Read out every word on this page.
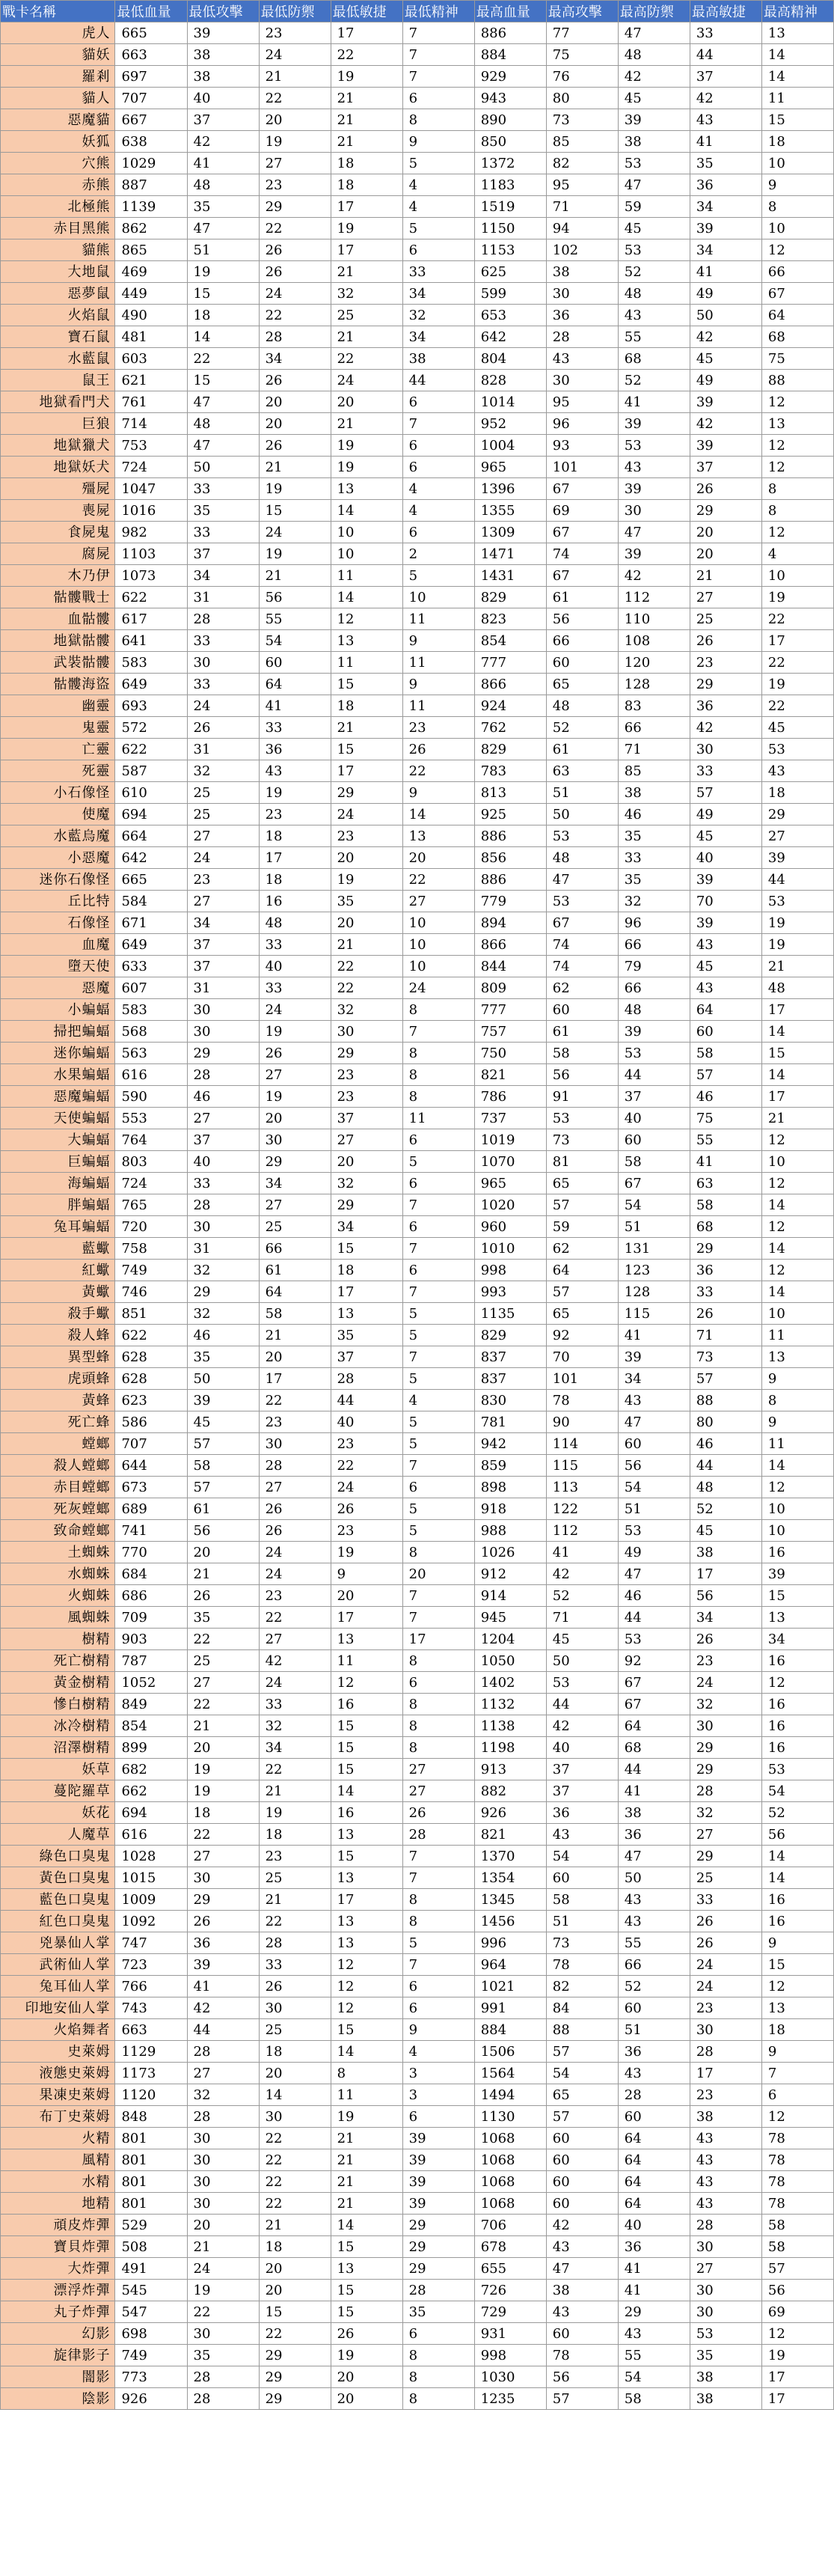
戰卡名稱	最低血量	最低攻擊	最低防禦	最低敏捷	最低精神	最高血量	最高攻擊	最高防禦	最高敏捷	最高精神
虎人	665	39	23	17	7	886	77	47	33	13
貓妖	663	38	24	22	7	884	75	48	44	14
羅剎	697	38	21	19	7	929	76	42	37	14
貓人	707	40	22	21	6	943	80	45	42	11
惡魔貓	667	37	20	21	8	890	73	39	43	15
妖狐	638	42	19	21	9	850	85	38	41	18
穴熊	1029	41	27	18	5	1372	82	53	35	10
赤熊	887	48	23	18	4	1183	95	47	36	9
北極熊	1139	35	29	17	4	1519	71	59	34	8
赤目黑熊	862	47	22	19	5	1150	94	45	39	10
貓熊	865	51	26	17	6	1153	102	53	34	12
大地鼠	469	19	26	21	33	625	38	52	41	66
惡夢鼠	449	15	24	32	34	599	30	48	49	67
火焰鼠	490	18	22	25	32	653	36	43	50	64
寶石鼠	481	14	28	21	34	642	28	55	42	68
水藍鼠	603	22	34	22	38	804	43	68	45	75
鼠王	621	15	26	24	44	828	30	52	49	88
地獄看門犬	761	47	20	20	6	1014	95	41	39	12
巨狼	714	48	20	21	7	952	96	39	42	13
地獄獵犬	753	47	26	19	6	1004	93	53	39	12
地獄妖犬	724	50	21	19	6	965	101	43	37	12
殭屍	1047	33	19	13	4	1396	67	39	26	8
喪屍	1016	35	15	14	4	1355	69	30	29	8
食屍鬼	982	33	24	10	6	1309	67	47	20	12
腐屍	1103	37	19	10	2	1471	74	39	20	4
木乃伊	1073	34	21	11	5	1431	67	42	21	10
骷髏戰士	622	31	56	14	10	829	61	112	27	19
血骷髏	617	28	55	12	11	823	56	110	25	22
地獄骷髏	641	33	54	13	9	854	66	108	26	17
武裝骷髏	583	30	60	11	11	777	60	120	23	22
骷髏海盜	649	33	64	15	9	866	65	128	29	19
幽靈	693	24	41	18	11	924	48	83	36	22
鬼靈	572	26	33	21	23	762	52	66	42	45
亡靈	622	31	36	15	26	829	61	71	30	53
死靈	587	32	43	17	22	783	63	85	33	43
小石像怪	610	25	19	29	9	813	51	38	57	18
使魔	694	25	23	24	14	925	50	46	49	29
水藍烏魔	664	27	18	23	13	886	53	35	45	27
小惡魔	642	24	17	20	20	856	48	33	40	39
迷你石像怪	665	23	18	19	22	886	47	35	39	44
丘比特	584	27	16	35	27	779	53	32	70	53
石像怪	671	34	48	20	10	894	67	96	39	19
血魔	649	37	33	21	10	866	74	66	43	19
墮天使	633	37	40	22	10	844	74	79	45	21
惡魔	607	31	33	22	24	809	62	66	43	48
小蝙蝠	583	30	24	32	8	777	60	48	64	17
掃把蝙蝠	568	30	19	30	7	757	61	39	60	14
迷你蝙蝠	563	29	26	29	8	750	58	53	58	15
水果蝙蝠	616	28	27	23	8	821	56	44	57	14
惡魔蝙蝠	590	46	19	23	8	786	91	37	46	17
天使蝙蝠	553	27	20	37	11	737	53	40	75	21
大蝙蝠	764	37	30	27	6	1019	73	60	55	12
巨蝙蝠	803	40	29	20	5	1070	81	58	41	10
海蝙蝠	724	33	34	32	6	965	65	67	63	12
胖蝙蝠	765	28	27	29	7	1020	57	54	58	14
兔耳蝙蝠	720	30	25	34	6	960	59	51	68	12
藍蠍	758	31	66	15	7	1010	62	131	29	14
紅蠍	749	32	61	18	6	998	64	123	36	12
黃蠍	746	29	64	17	7	993	57	128	33	14
殺手蠍	851	32	58	13	5	1135	65	115	26	10
殺人蜂	622	46	21	35	5	829	92	41	71	11
異型蜂	628	35	20	37	7	837	70	39	73	13
虎頭蜂	628	50	17	28	5	837	101	34	57	9
黃蜂	623	39	22	44	4	830	78	43	88	8
死亡蜂	586	45	23	40	5	781	90	47	80	9
螳螂	707	57	30	23	5	942	114	60	46	11
殺人螳螂	644	58	28	22	7	859	115	56	44	14
赤目螳螂	673	57	27	24	6	898	113	54	48	12
死灰螳螂	689	61	26	26	5	918	122	51	52	10
致命螳螂	741	56	26	23	5	988	112	53	45	10
土蜘蛛	770	20	24	19	8	1026	41	49	38	16
水蜘蛛	684	21	24	9	20	912	42	47	17	39
火蜘蛛	686	26	23	20	7	914	52	46	56	15
風蜘蛛	709	35	22	17	7	945	71	44	34	13
樹精	903	22	27	13	17	1204	45	53	26	34
死亡樹精	787	25	42	11	8	1050	50	92	23	16
黃金樹精	1052	27	24	12	6	1402	53	67	24	12
慘白樹精	849	22	33	16	8	1132	44	67	32	16
冰冷樹精	854	21	32	15	8	1138	42	64	30	16
沼澤樹精	899	20	34	15	8	1198	40	68	29	16
妖草	682	19	22	15	27	913	37	44	29	53
蔓陀羅草	662	19	21	14	27	882	37	41	28	54
妖花	694	18	19	16	26	926	36	38	32	52
人魔草	616	22	18	13	28	821	43	36	27	56
綠色口臭鬼	1028	27	23	15	7	1370	54	47	29	14
黃色口臭鬼	1015	30	25	13	7	1354	60	50	25	14
藍色口臭鬼	1009	29	21	17	8	1345	58	43	33	16
紅色口臭鬼	1092	26	22	13	8	1456	51	43	26	16
兇暴仙人掌	747	36	28	13	5	996	73	55	26	9
武術仙人掌	723	39	33	12	7	964	78	66	24	15
兔耳仙人掌	766	41	26	12	6	1021	82	52	24	12
印地安仙人掌	743	42	30	12	6	991	84	60	23	13
火焰舞者	663	44	25	15	9	884	88	51	30	18
史萊姆	1129	28	18	14	4	1506	57	36	28	9
液態史萊姆	1173	27	20	8	3	1564	54	43	17	7
果凍史萊姆	1120	32	14	11	3	1494	65	28	23	6
布丁史萊姆	848	28	30	19	6	1130	57	60	38	12
火精	801	30	22	21	39	1068	60	64	43	78
風精	801	30	22	21	39	1068	60	64	43	78
水精	801	30	22	21	39	1068	60	64	43	78
地精	801	30	22	21	39	1068	60	64	43	78
頑皮炸彈	529	20	21	14	29	706	42	40	28	58
寶貝炸彈	508	21	18	15	29	678	43	36	30	58
大炸彈	491	24	20	13	29	655	47	41	27	57
漂浮炸彈	545	19	20	15	28	726	38	41	30	56
丸子炸彈	547	22	15	15	35	729	43	29	30	69
幻影	698	30	22	26	6	931	60	43	53	12
旋律影子	749	35	29	19	8	998	78	55	35	19
闇影	773	28	29	20	8	1030	56	54	38	17
陰影	926	28	29	20	8	1235	57	58	38	17
